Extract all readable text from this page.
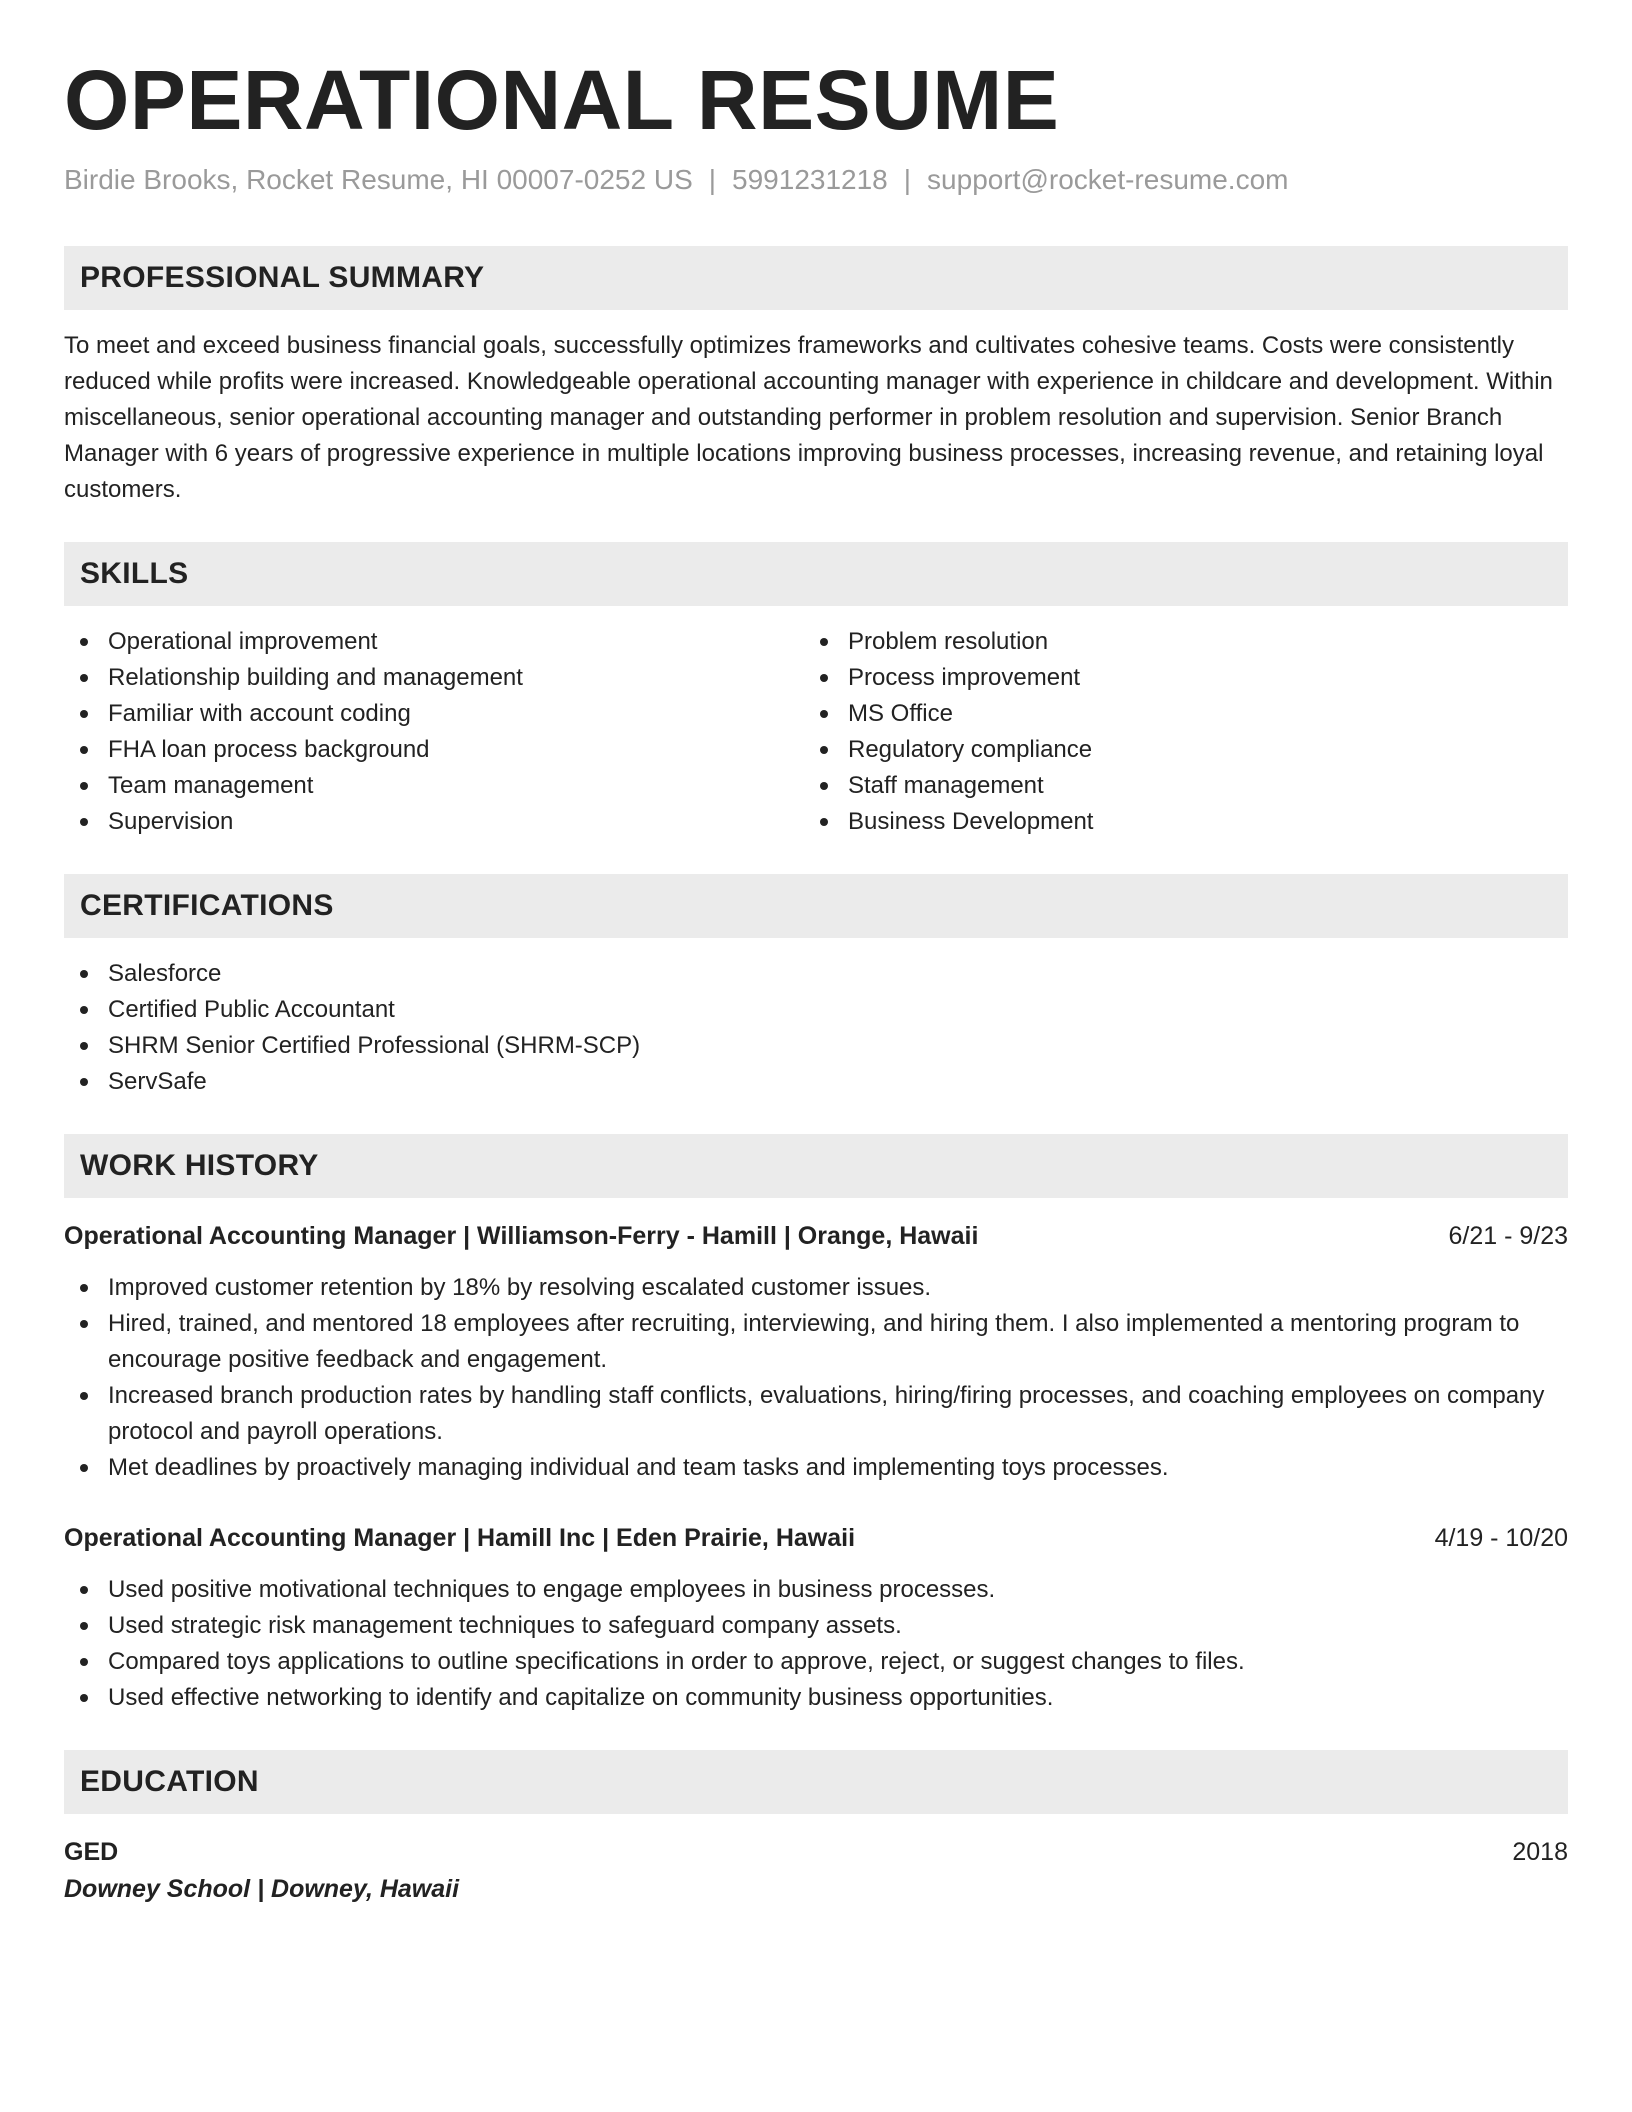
OPERATIONAL RESUME
Birdie Brooks, Rocket Resume, HI 00007-0252 US | 5991231218 | support@rocket-resume.com
PROFESSIONAL SUMMARY

To meet and exceed business financial goals, successfully optimizes frameworks and cultivates cohesive teams. Costs were consistently reduced while profits were increased. Knowledgeable operational accounting manager with experience in childcare and development. Within miscellaneous, senior operational accounting manager and outstanding performer in problem resolution and supervision. Senior Branch Manager with 6 years of progressive experience in multiple locations improving business processes, increasing revenue, and retaining loyal customers.

SKILLS
Operational improvement
Relationship building and management
Familiar with account coding
FHA loan process background
Team management
Supervision
Problem resolution
Process improvement
MS Office
Regulatory compliance
Staff management
Business Development
CERTIFICATIONS
Salesforce
Certified Public Accountant
SHRM Senior Certified Professional (SHRM-SCP)
ServSafe
WORK HISTORY
Operational Accounting Manager | Williamson-Ferry - Hamill | Orange, Hawaii	6/21 - 9/23
Improved customer retention by 18% by resolving escalated customer issues.
Hired, trained, and mentored 18 employees after recruiting, interviewing, and hiring them. I also implemented a mentoring program to encourage positive feedback and engagement.
Increased branch production rates by handling staff conflicts, evaluations, hiring/firing processes, and coaching employees on company protocol and payroll operations.
Met deadlines by proactively managing individual and team tasks and implementing toys processes.
Operational Accounting Manager | Hamill Inc | Eden Prairie, Hawaii	4/19 - 10/20
Used positive motivational techniques to engage employees in business processes.
Used strategic risk management techniques to safeguard company assets.
Compared toys applications to outline specifications in order to approve, reject, or suggest changes to files.
Used effective networking to identify and capitalize on community business opportunities.
EDUCATION
GED	2018
Downey School | Downey, Hawaii
